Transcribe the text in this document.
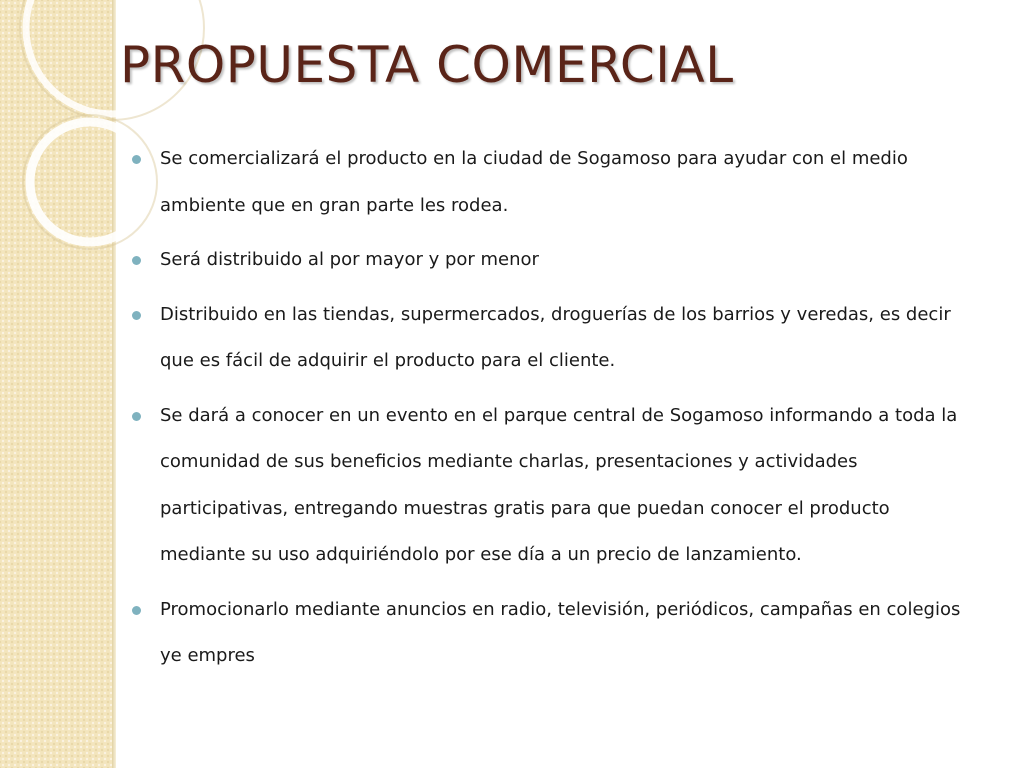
PROPUESTA COMERCIAL
Se comercializará el producto en la ciudad de Sogamoso para ayudar con el medio ambiente que en gran parte les rodea.
Será distribuido al por mayor y por menor
Distribuido en las tiendas, supermercados, droguerías de los barrios y veredas, es decir que es fácil de adquirir el producto para el cliente.
Se dará a conocer en un evento en el parque central de Sogamoso informando a toda la comunidad de sus beneficios mediante charlas, presentaciones y actividades participativas, entregando muestras gratis para que puedan conocer el producto mediante su uso adquiriéndolo por ese día a un precio de lanzamiento.
Promocionarlo mediante anuncios en radio, televisión, periódicos, campañas en colegios ye empres
